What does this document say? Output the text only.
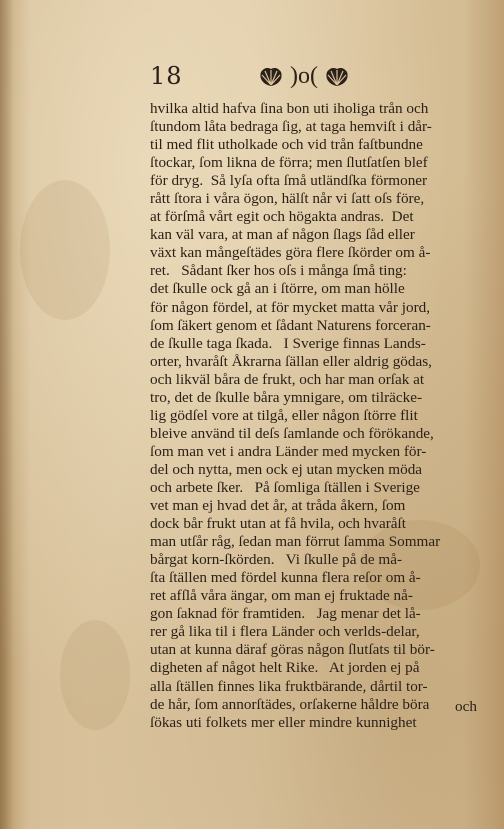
18	)o(
hvilka altid hafva ſina bon uti iholiga trån och
ſtundom låta bedraga ſig, at taga hemviſt i dår-
til med flit utholkade och vid trån faſtbundne
ſtockar, ſom likna de förra; men ſlutſatſen blef
för dryg.  Så lyſa ofta ſmå utländſka förmoner
rått ſtora i våra ögon, hälſt når vi ſatt oſs före,
at förſmå vårt egit och högakta andras.  Det
kan väl vara, at man af någon ſlags ſåd eller
växt kan mångeſtädes göra flere ſkörder om å-
ret.   Sådant ſker hos oſs i många ſmå ting:
det ſkulle ock gå an i ſtörre, om man hölle
för någon fördel, at för mycket matta vår jord,
ſom ſäkert genom et ſådant Naturens forceran-
de ſkulle taga ſkada.   I Sverige finnas Lands-
orter, hvaråſt Åkrarna ſällan eller aldrig gödas,
och likväl båra de frukt, och har man orſak at
tro, det de ſkulle båra ymnigare, om tilräcke-
lig gödſel vore at tilgå, eller någon ſtörre flit
bleive använd til deſs ſamlande och förökande,
ſom man vet i andra Länder med mycken för-
del och nytta, men ock ej utan mycken möda
och arbete ſker.   På ſomliga ſtällen i Sverige
vet man ej hvad det år, at tråda åkern, ſom
dock bår frukt utan at få hvila, och hvaråſt
man utſår råg, ſedan man förrut ſamma Sommar
bårgat korn-ſkörden.   Vi ſkulle på de må-
ſta ſtällen med fördel kunna flera reſor om å-
ret afſlå våra ängar, om man ej fruktade nå-
gon ſaknad för framtiden.   Jag menar det lå-
rer gå lika til i flera Länder och verlds-delar,
utan at kunna däraf göras någon ſlutſats til bör-
digheten af något helt Rike.   At jorden ej på
alla ſtällen finnes lika fruktbärande, dårtil tor-
de hår, ſom annorſtädes, orſakerne håldre böra
ſökas uti folkets mer eller mindre kunnighet
och
